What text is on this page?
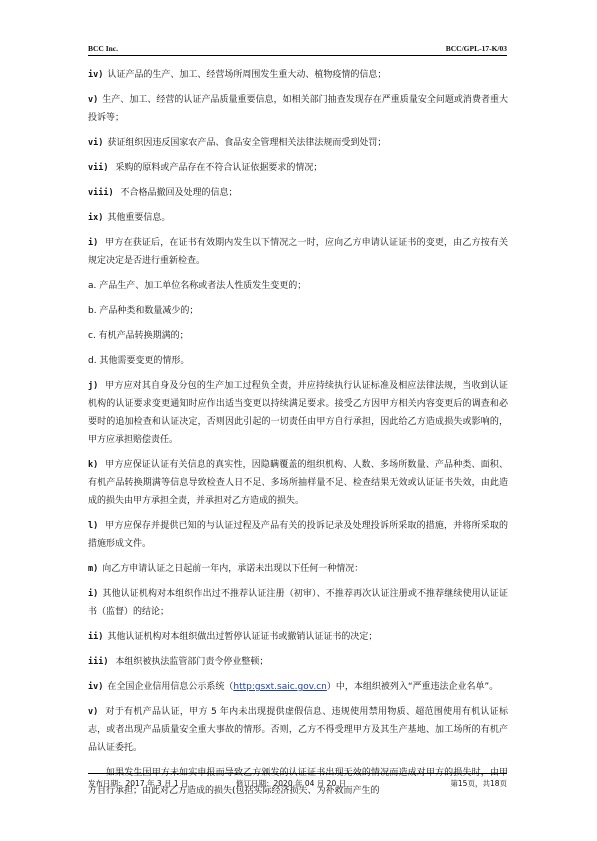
BCC Inc.	BCC/GPL-17-K/03

iv) 认证产品的生产、加工、经营场所周围发生重大动、植物疫情的信息；

v) 生产、加工、经营的认证产品质量重要信息，如相关部门抽查发现存在严重质量安全问题或消费者重大投诉等；

vi) 获证组织因违反国家农产品、食品安全管理相关法律法规而受到处罚；

vii) 采购的原料或产品存在不符合认证依据要求的情况；

viii) 不合格品撤回及处理的信息；

ix) 其他重要信息。

i) 甲方在获证后，在证书有效期内发生以下情况之一时，应向乙方申请认证证书的变更，由乙方按有关规定决定是否进行重新检查。

a. 产品生产、加工单位名称或者法人性质发生变更的；

b. 产品种类和数量减少的；

c. 有机产品转换期满的；

d. 其他需要变更的情形。

j) 甲方应对其自身及分包的生产加工过程负全责，并应持续执行认证标准及相应法律法规，当收到认证机构的认证要求变更通知时应作出适当变更以持续满足要求。接受乙方因甲方相关内容变更后的调查和必要时的追加检查和认证决定，否则因此引起的一切责任由甲方自行承担，因此给乙方造成损失或影响的，甲方应承担赔偿责任。

k) 甲方应保证认证有关信息的真实性，因隐瞒覆盖的组织机构、人数、多场所数量、产品种类、面积、有机产品转换期满等信息导致检查人日不足、多场所抽样量不足、检查结果无效或认证证书失效，由此造成的损失由甲方承担全责，并承担对乙方造成的损失。

l) 甲方应保存并提供已知的与认证过程及产品有关的投诉记录及处理投诉所采取的措施，并将所采取的措施形成文件。

m) 向乙方申请认证之日起前一年内，承诺未出现以下任何一种情况：

i) 其他认证机构对本组织作出过不推荐认证注册（初审）、不推荐再次认证注册或不推荐继续使用认证证书（监督）的结论；

ii) 其他认证机构对本组织做出过暂停认证证书或撤销认证证书的决定；

iii) 本组织被执法监管部门责令停业整顿；

iv) 在全国企业信用信息公示系统（http:gsxt.saic.gov.cn）中，本组织被列入“严重违法企业名单”。

v) 对于有机产品认证，甲方 5 年内未出现提供虚假信息、违规使用禁用物质、超范围使用有机认证标志，或者出现产品质量安全重大事故的情形。否则，乙方不得受理甲方及其生产基地、加工场所的有机产品认证委托。

如果发生因甲方未如实申报而导致乙方颁发的认证证书出现无效的情况而造成对甲方的损失时，由甲方自行承担；由此对乙方造成的损失(包括实际经济损失、为补救而产生的

发布日期：2017 年 3 月 1 日	修订日期：2020 年 04 月 20 日	第15页，共18页
